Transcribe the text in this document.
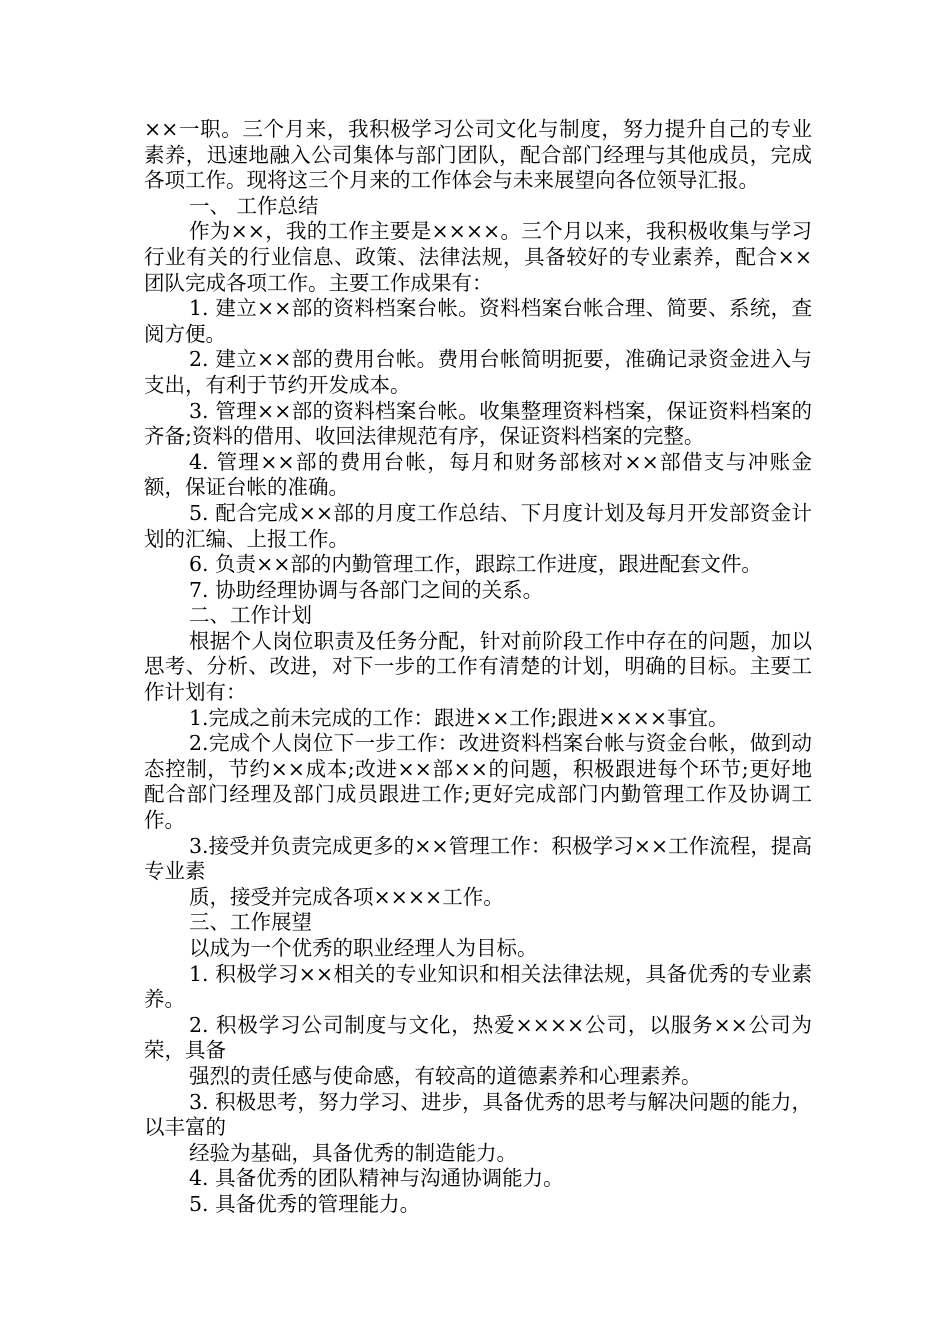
××一职。三个月来，我积极学习公司文化与制度，努力提升自己的专业素养，迅速地融入公司集体与部门团队，配合部门经理与其他成员，完成各项工作。现将这三个月来的工作体会与未来展望向各位领导汇报。

一、 工作总结

作为××，我的工作主要是××××。三个月以来，我积极收集与学习行业有关的行业信息、政策、法律法规，具备较好的专业素养，配合××团队完成各项工作。主要工作成果有：

1. 建立××部的资料档案台帐。资料档案台帐合理、简要、系统，查阅方便。

2. 建立××部的费用台帐。费用台帐简明扼要，准确记录资金进入与支出，有利于节约开发成本。

3. 管理××部的资料档案台帐。收集整理资料档案，保证资料档案的齐备;资料的借用、收回法律规范有序，保证资料档案的完整。

4. 管理××部的费用台帐，每月和财务部核对××部借支与冲账金额，保证台帐的准确。

5. 配合完成××部的月度工作总结、下月度计划及每月开发部资金计划的汇编、上报工作。

6. 负责××部的内勤管理工作，跟踪工作进度，跟进配套文件。

7. 协助经理协调与各部门之间的关系。

二、工作计划

根据个人岗位职责及任务分配，针对前阶段工作中存在的问题，加以思考、分析、改进，对下一步的工作有清楚的计划，明确的目标。主要工作计划有：

1.完成之前未完成的工作：跟进××工作;跟进××××事宜。

2.完成个人岗位下一步工作：改进资料档案台帐与资金台帐，做到动态控制，节约××成本;改进××部××的问题，积极跟进每个环节;更好地配合部门经理及部门成员跟进工作;更好完成部门内勤管理工作及协调工作。

3.接受并负责完成更多的××管理工作：积极学习××工作流程，提高专业素

质，接受并完成各项××××工作。

三、工作展望

以成为一个优秀的职业经理人为目标。

1. 积极学习××相关的专业知识和相关法律法规，具备优秀的专业素养。

2. 积极学习公司制度与文化，热爱××××公司，以服务××公司为荣，具备

强烈的责任感与使命感，有较高的道德素养和心理素养。

3. 积极思考，努力学习、进步，具备优秀的思考与解决问题的能力，以丰富的

经验为基础，具备优秀的制造能力。

4. 具备优秀的团队精神与沟通协调能力。

5. 具备优秀的管理能力。
